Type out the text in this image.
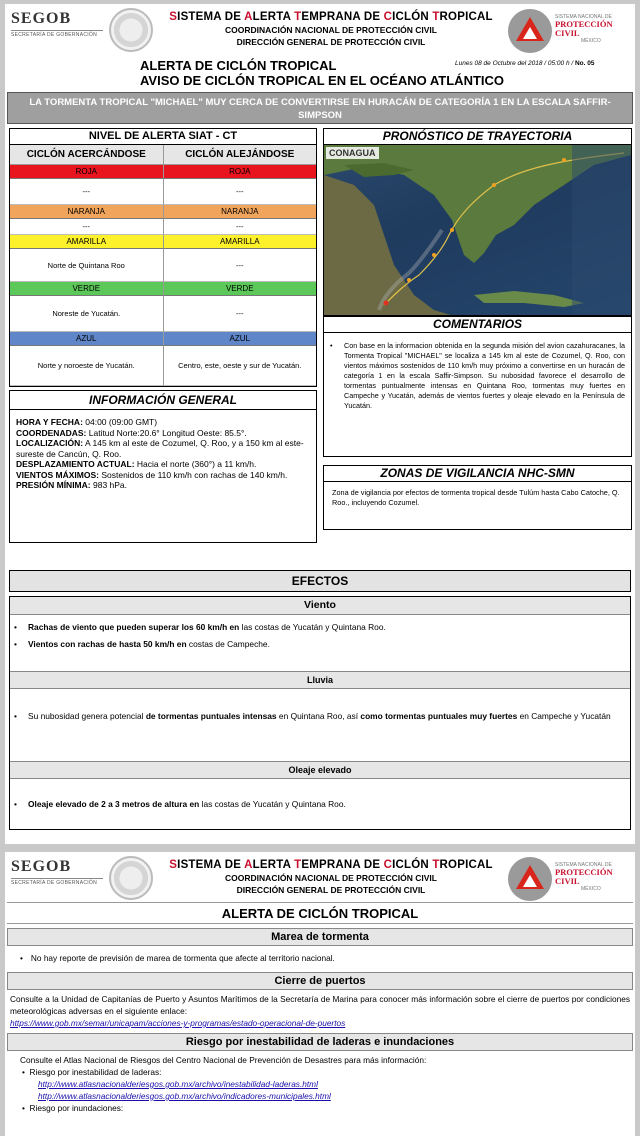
SEGOB
SECRETARÍA DE GOBERNACIÓN
SISTEMA DE ALERTA TEMPRANA DE CICLÓN TROPICAL
COORDINACIÓN NACIONAL DE PROTECCIÓN CIVIL
DIRECCIÓN GENERAL DE PROTECCIÓN CIVIL
SISTEMA NACIONAL DE
PROTECCIÓN CIVIL
MÉXICO
ALERTA DE CICLÓN TROPICAL
AVISO DE CICLÓN TROPICAL EN EL OCÉANO ATLÁNTICO
Lunes 08 de Octubre del 2018 / 05:00 h / No. 05
LA TORMENTA TROPICAL "MICHAEL" MUY CERCA DE CONVERTIRSE EN HURACÁN DE CATEGORÍA 1 EN LA ESCALA SAFFIR-SIMPSON
NIVEL DE ALERTA SIAT - CT
CICLÓN ACERCÁNDOSE	CICLÓN ALEJÁNDOSE
ROJA	ROJA
---	---
NARANJA	NARANJA
---	---
AMARILLA	AMARILLA
Norte de Quintana Roo	---
VERDE	VERDE
Noreste de Yucatán.	---
AZUL	AZUL
Norte y noroeste de Yucatán.	Centro, este, oeste y sur de Yucatán.
INFORMACIÓN GENERAL

HORA Y FECHA: 04:00 (09:00 GMT)

COORDENADAS: Latitud Norte:20.6° Longitud Oeste: 85.5°.

LOCALIZACIÓN: A 145 km al este de Cozumel, Q. Roo, y a 150 km al este-sureste de Cancún, Q. Roo.

DESPLAZAMIENTO ACTUAL: Hacia el norte (360°) a 11 km/h.

VIENTOS MÁXIMOS: Sostenidos de 110 km/h con rachas de 140 km/h.

PRESIÓN MÍNIMA: 983 hPa.

PRONÓSTICO DE TRAYECTORIA
CONAGUA
COMENTARIOS
•	Con base en la informacion obtenida en la segunda misión del avion cazahuracanes, la Tormenta Tropical "MICHAEL" se localiza a 145 km al este de Cozumel, Q. Roo, con vientos máximos sostenidos de 110 km/h muy próximo a convertirse en un huracán de categoría 1 en la escala Saffir-Simpson. Su nubosidad favorece el desarrollo de tormentas puntualmente intensas en Quintana Roo, tormentas muy fuertes en Campeche y Yucatán, además de vientos fuertes y oleaje elevado en la Península de Yucatán.
ZONAS DE VIGILANCIA NHC-SMN
Zona de vigilancia por efectos de tormenta tropical desde Tulúm hasta Cabo Catoche, Q. Roo., incluyendo Cozumel.
EFECTOS
Viento
•	Rachas de viento que pueden superar los 60 km/h en las costas de Yucatán y Quintana Roo.
•	Vientos con rachas de hasta 50 km/h en costas de Campeche.
Lluvia
•	Su nubosidad genera potencial de tormentas puntuales intensas en Quintana Roo, así como tormentas puntuales muy fuertes en Campeche y Yucatán
Oleaje elevado
•	Oleaje elevado de 2 a 3 metros de altura en las costas de Yucatán y Quintana Roo.
SEGOB
SECRETARÍA DE GOBERNACIÓN
SISTEMA DE ALERTA TEMPRANA DE CICLÓN TROPICAL
COORDINACIÓN NACIONAL DE PROTECCIÓN CIVIL
DIRECCIÓN GENERAL DE PROTECCIÓN CIVIL
SISTEMA NACIONAL DE
PROTECCIÓN CIVIL
MÉXICO
ALERTA DE CICLÓN TROPICAL
Marea de tormenta
• No hay reporte de previsión de marea de tormenta que afecte al territorio nacional.
Cierre de puertos
Consulte a la Unidad de Capitanías de Puerto y Asuntos Marítimos de la Secretaría de Marina para conocer más información sobre el cierre de puertos por condiciones meteorológicas adversas en el siguiente enlace:
https://www.gob.mx/semar/unicapam/acciones-y-programas/estado-operacional-de-puertos
Riesgo por inestabilidad de laderas e inundaciones
Consulte el Atlas Nacional de Riesgos del Centro Nacional de Prevención de Desastres para más información:
•  Riesgo por inestabilidad de laderas:
http://www.atlasnacionalderiesgos.gob.mx/archivo/inestabilidad-laderas.html
http://www.atlasnacionalderiesgos.gob.mx/archivo/indicadores-municipales.html
•  Riesgo por inundaciones:
